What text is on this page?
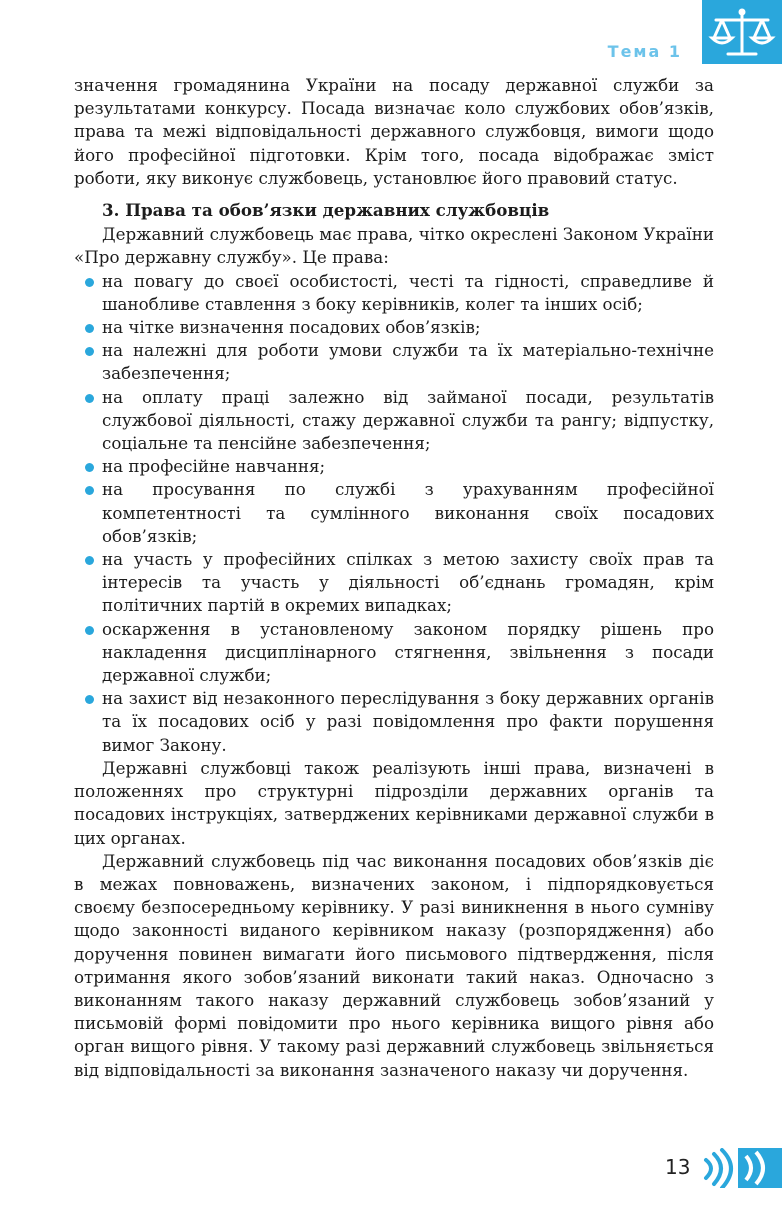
Тема 1

значення громадянина України на посаду державної служби за результатами конкурсу. Посада визначає коло службових обов’язків, права та межі відповідальності державного службовця, вимоги щодо його професійної підготовки. Крім того, посада відображає зміст роботи, яку виконує службовець, установлює його правовий статус.

3. Права та обов’язки державних службовців

Державний службовець має права, чітко окреслені Законом України «Про державну службу». Це права:

на повагу до своєї особистості, честі та гідності, справедливе й шанобливе ставлення з боку керівників, колег та інших осіб;
на чітке визначення посадових обов’язків;
на належні для роботи умови служби та їх матеріально-технічне забезпечення;
на оплату праці залежно від займаної посади, результатів службової діяльності, стажу державної служби та рангу; відпустку, соціальне та пенсійне забезпечення;
на професійне навчання;
на просування по службі з урахуванням професійної компетентності та сумлінного виконання своїх посадових обов’язків;
на участь у професійних спілках з метою захисту своїх прав та інтересів та участь у діяльності об’єднань громадян, крім політичних партій в окремих випадках;
оскарження в установленому законом порядку рішень про накладення дисциплінарного стягнення, звільнення з посади державної служби;
на захист від незаконного переслідування з боку державних органів та їх посадових осіб у разі повідомлення про факти порушення вимог Закону.

Державні службовці також реалізують інші права, визначені в положеннях про структурні підрозділи державних органів та посадових інструкціях, затверджених керівниками державної служби в цих органах.

Державний службовець під час виконання посадових обов’язків діє в межах повноважень, визначених законом, і підпорядковується своєму безпосередньому керівнику. У разі виникнення в нього сумніву щодо законності виданого керівником наказу (розпорядження) або доручення повинен вимагати його письмового підтвердження, після отримання якого зобов’язаний виконати такий наказ. Одночасно з виконанням такого наказу державний службовець зобов’язаний у письмовій формі повідомити про нього керівника вищого рівня або орган вищого рівня. У такому разі державний службовець звільняється від відповідальності за виконання зазначеного наказу чи доручення.

13
